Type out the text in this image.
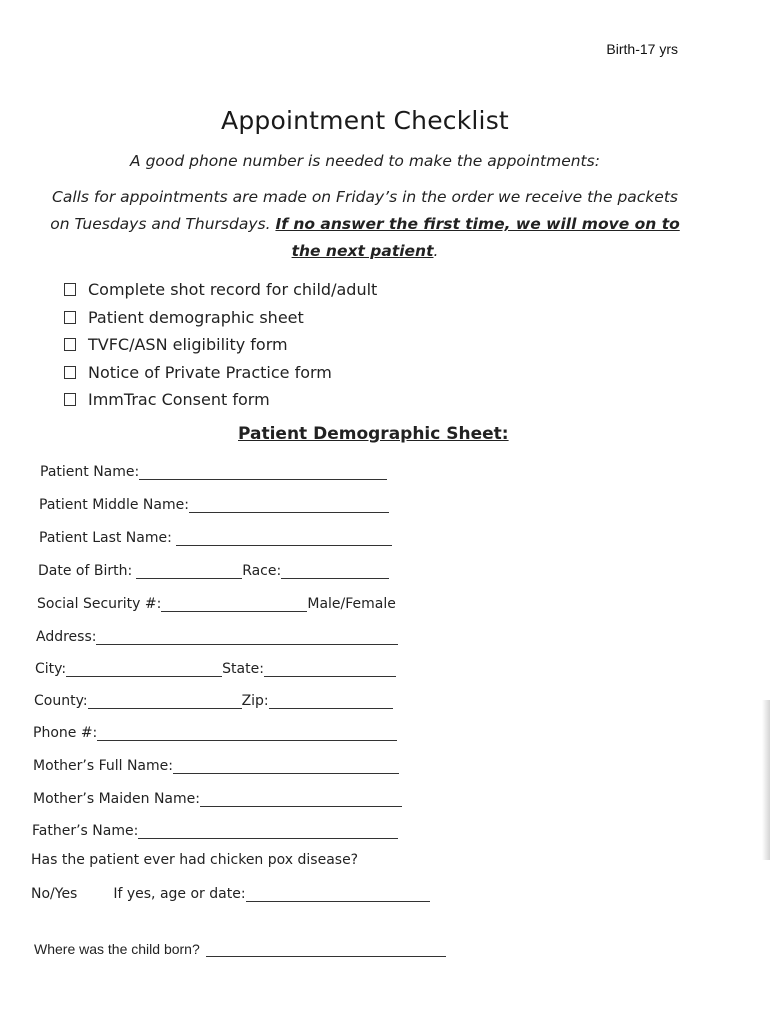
Birth-17 yrs
Appointment Checklist
A good phone number is needed to make the appointments:
Calls for appointments are made on Friday’s in the order we receive the packets on Tuesdays and Thursdays. If no answer the first time, we will move on to the next patient.
Complete shot record for child/adult
Patient demographic sheet
TVFC/ASN eligibility form
Notice of Private Practice form
ImmTrac Consent form
Patient Demographic Sheet:
Patient Name:
Patient Middle Name:
Patient Last Name:
Date of Birth:	Race:
Social Security #:	Male/Female
Address:
City:	State:
County:	Zip:
Phone #:
Mother’s Full Name:
Mother’s Maiden Name:
Father’s Name:
Has the patient ever had chicken pox disease?
No/Yes	If yes, age or date:
Where was the child born?
